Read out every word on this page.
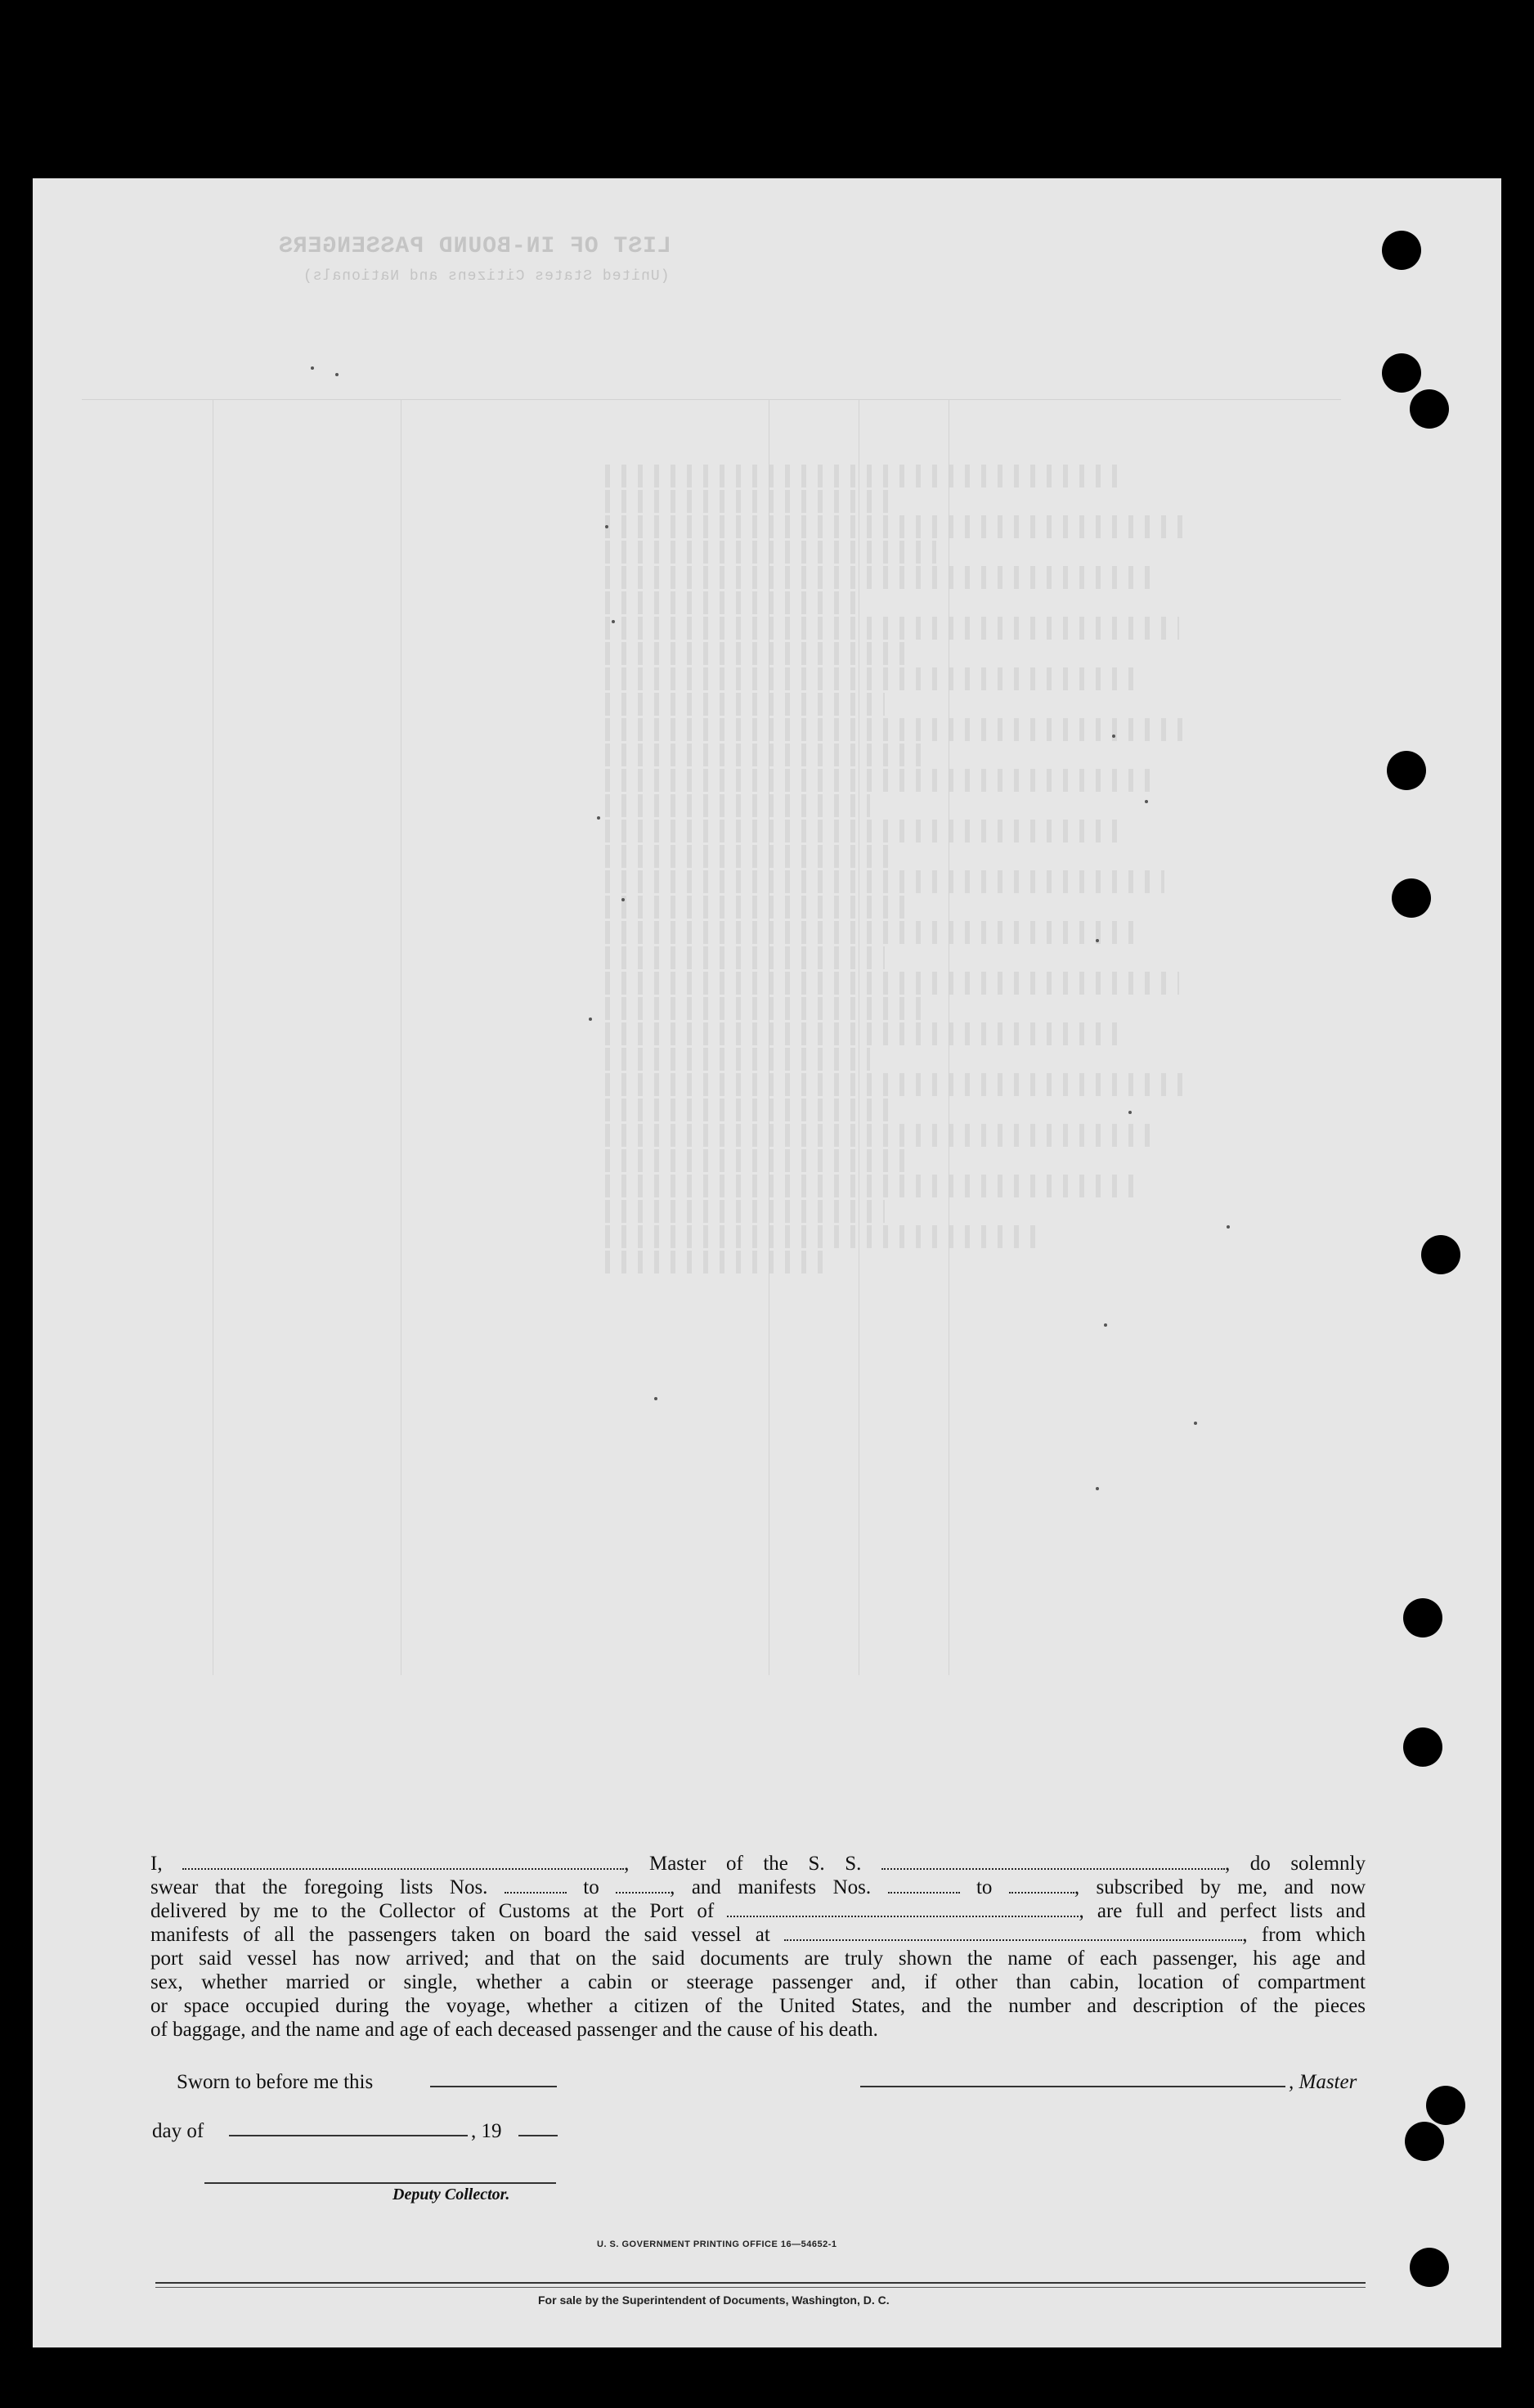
LIST OF IN-BOUND PASSENGERS
(United States Citizens and Nationals)
I,	, Master of the S. S.	, do solemnly
swear that the foregoing lists Nos.	to	, and manifests Nos.	to	, subscribed by me, and now
delivered by me to the Collector of Customs at the Port of	, are full and perfect lists and
manifests of all the passengers taken on board the said vessel at	, from which
port said vessel has now arrived; and that on the said documents are truly shown the name of each passenger, his age and
sex, whether married or single, whether a cabin or steerage passenger and, if other than cabin, location of compartment
or space occupied during the voyage, whether a citizen of the United States, and the number and description of the pieces
of baggage, and the name and age of each deceased passenger and the cause of his death.
Sworn to before me this	, Master
day of	, 19
Deputy Collector.
U. S. GOVERNMENT PRINTING OFFICE 16—54652-1
For sale by the Superintendent of Documents, Washington, D. C.
